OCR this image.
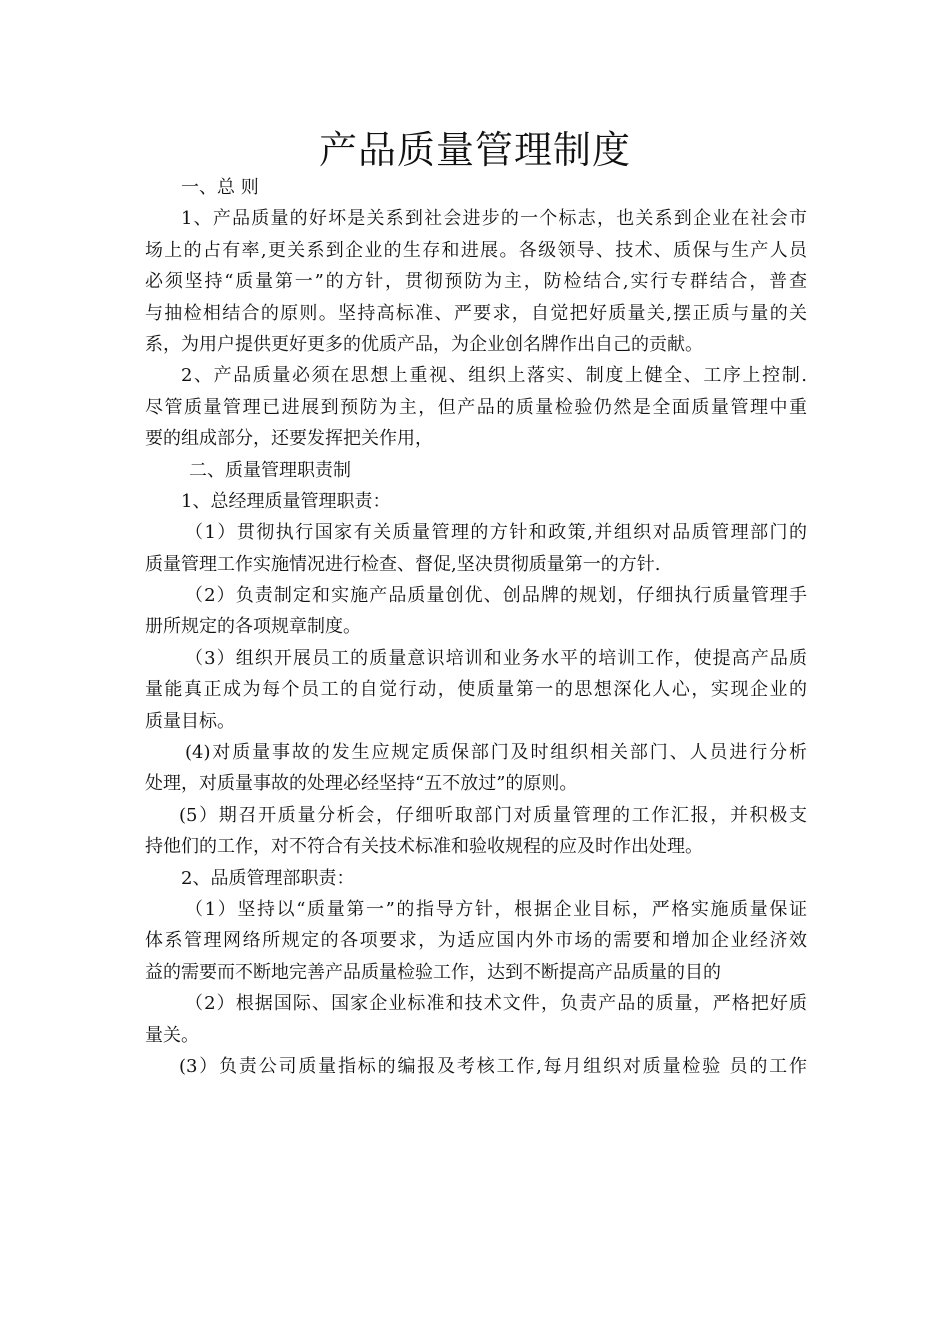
产品质量管理制度
一、总 则
1、产品质量的好坏是关系到社会进步的一个标志，也关系到企业在社会市
场上的占有率,更关系到企业的生存和进展。各级领导、技术、质保与生产人员
必须坚持“质量第一”的方针，贯彻预防为主，防检结合,实行专群结合，普查
与抽检相结合的原则。坚持高标准、严要求，自觉把好质量关,摆正质与量的关
系，为用户提供更好更多的优质产品，为企业创名牌作出自己的贡献。
2、产品质量必须在思想上重视、组织上落实、制度上健全、工序上控制.
尽管质量管理已进展到预防为主，但产品的质量检验仍然是全面质量管理中重
要的组成部分，还要发挥把关作用，
二、质量管理职责制
1、总经理质量管理职责：
（1）贯彻执行国家有关质量管理的方针和政策,并组织对品质管理部门的
质量管理工作实施情况进行检查、督促,坚决贯彻质量第一的方针.
（2）负责制定和实施产品质量创优、创品牌的规划，仔细执行质量管理手
册所规定的各项规章制度。
（3）组织开展员工的质量意识培训和业务水平的培训工作，使提高产品质
量能真正成为每个员工的自觉行动，使质量第一的思想深化人心，实现企业的
质量目标。
(4)对质量事故的发生应规定质保部门及时组织相关部门、人员进行分析
处理，对质量事故的处理必经坚持“五不放过”的原则。
(5）期召开质量分析会，仔细听取部门对质量管理的工作汇报，并积极支
持他们的工作，对不符合有关技术标准和验收规程的应及时作出处理。
2、品质管理部职责：
（1）坚持以“质量第一”的指导方针，根据企业目标，严格实施质量保证
体系管理网络所规定的各项要求，为适应国内外市场的需要和增加企业经济效
益的需要而不断地完善产品质量检验工作，达到不断提高产品质量的目的
（2）根据国际、国家企业标准和技术文件，负责产品的质量，严格把好质
量关。
(3）负责公司质量指标的编报及考核工作,每月组织对质量检验 员的工作
